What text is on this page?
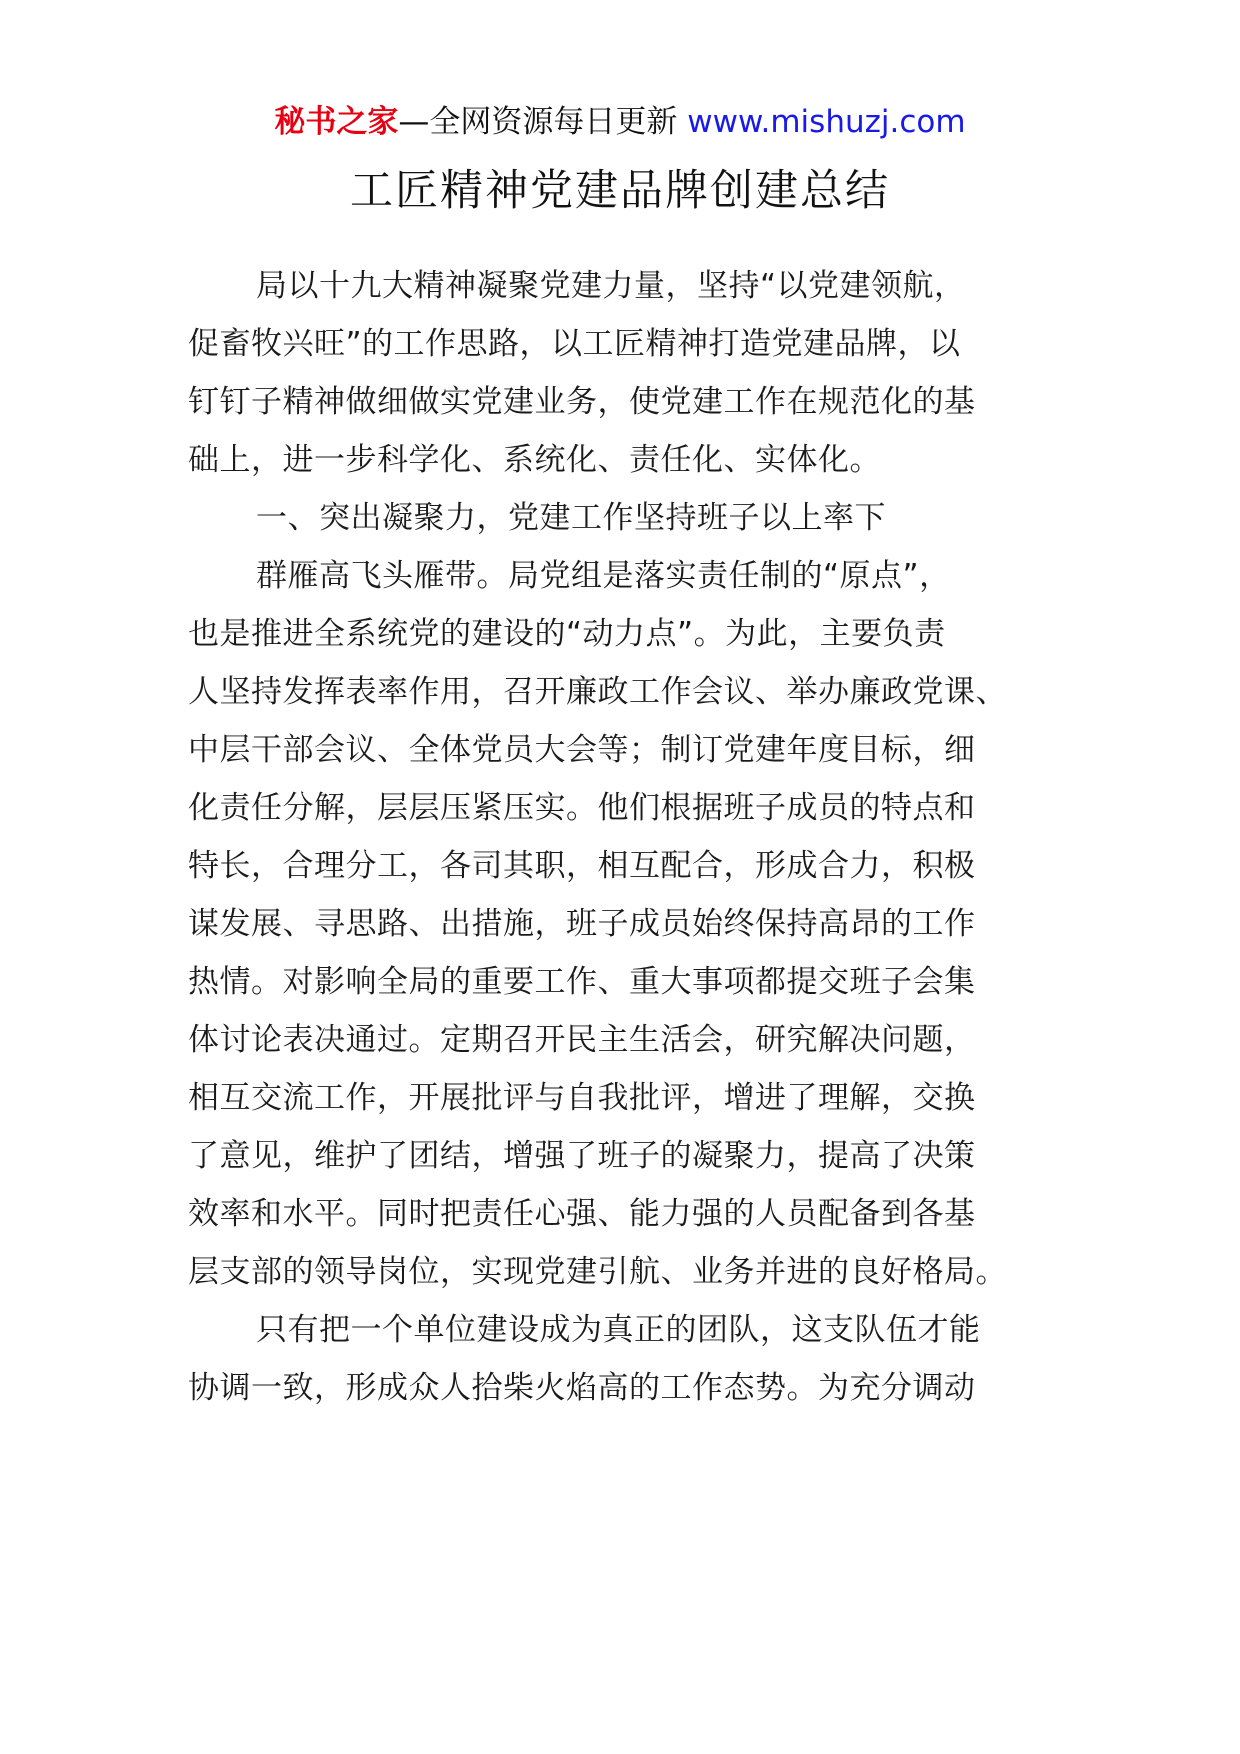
秘书之家—全网资源每日更新 www.mishuzj.com
工匠精神党建品牌创建总结
局以十九大精神凝聚党建力量，坚持“以党建领航，
促畜牧兴旺”的工作思路，以工匠精神打造党建品牌，以
钉钉子精神做细做实党建业务，使党建工作在规范化的基
础上，进一步科学化、系统化、责任化、实体化。
一、突出凝聚力，党建工作坚持班子以上率下
群雁高飞头雁带。局党组是落实责任制的“原点”，
也是推进全系统党的建设的“动力点”。为此，主要负责
人坚持发挥表率作用，召开廉政工作会议、举办廉政党课、
中层干部会议、全体党员大会等；制订党建年度目标，细
化责任分解，层层压紧压实。他们根据班子成员的特点和
特长，合理分工，各司其职，相互配合，形成合力，积极
谋发展、寻思路、出措施，班子成员始终保持高昂的工作
热情。对影响全局的重要工作、重大事项都提交班子会集
体讨论表决通过。定期召开民主生活会，研究解决问题，
相互交流工作，开展批评与自我批评，增进了理解，交换
了意见，维护了团结，增强了班子的凝聚力，提高了决策
效率和水平。同时把责任心强、能力强的人员配备到各基
层支部的领导岗位，实现党建引航、业务并进的良好格局。
只有把一个单位建设成为真正的团队，这支队伍才能
协调一致，形成众人拾柴火焰高的工作态势。为充分调动
